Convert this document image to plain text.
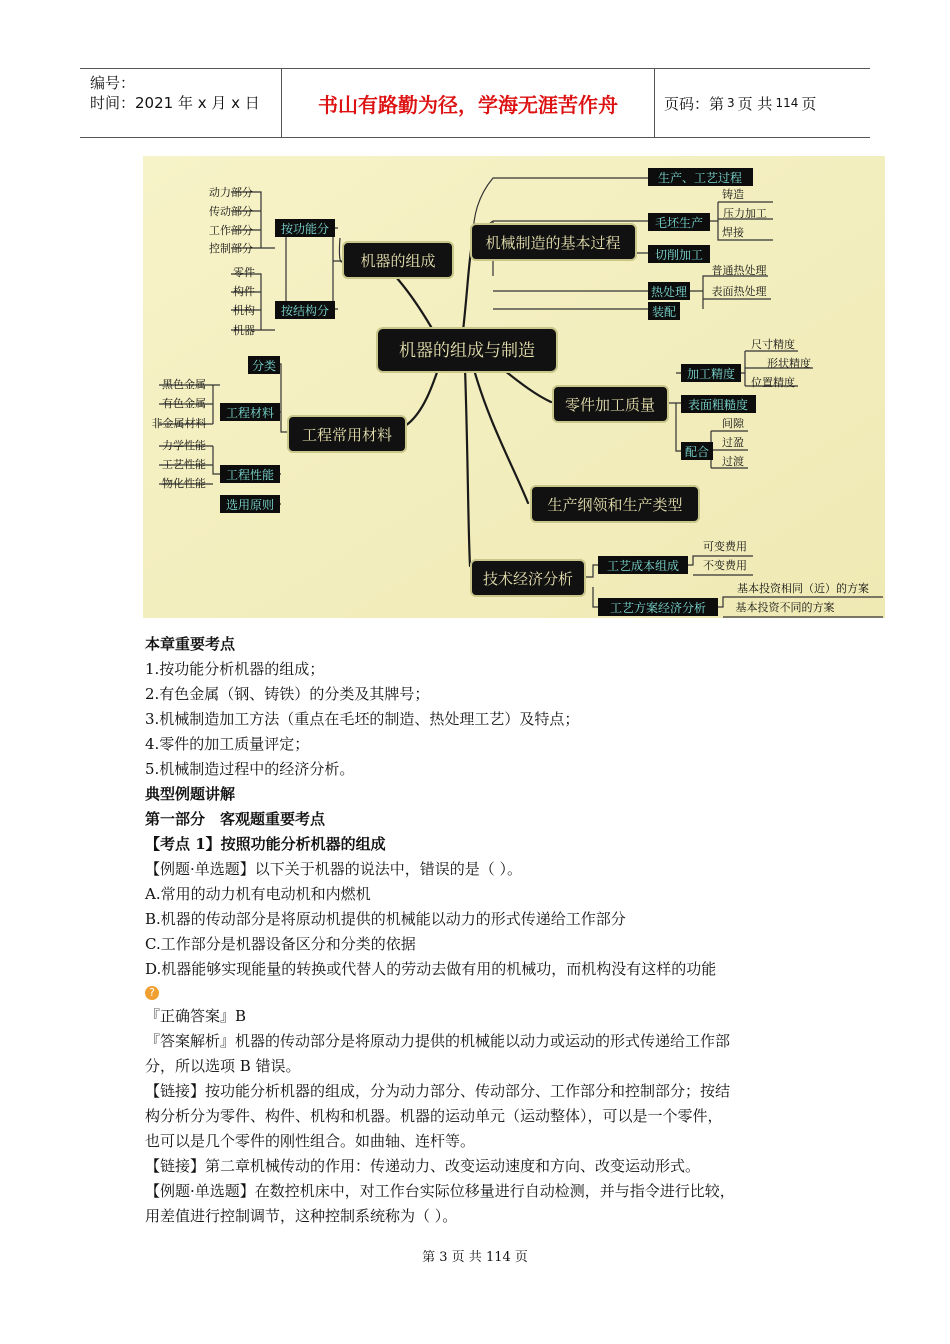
编号：
时间：2021 年 x 月 x 日	书山有路勤为径，学海无涯苦作舟	页码：第 3 页 共 114 页
机器的组成与制造
机器的组成
机械制造的基本过程
工程常用材料
零件加工质量
生产纲领和生产类型
技术经济分析
按功能分
按结构分
分类
工程材料
工程性能
选用原则
生产、工艺过程
毛坯生产
切削加工
热处理
装配
加工精度
表面粗糙度
配合
工艺成本组成
工艺方案经济分析
动力部分
传动部分
工作部分
控制部分
零件
构件
机构
机器
黑色金属
有色金属
非金属材料
力学性能
工艺性能
物化性能
铸造
压力加工
焊接
普通热处理
表面热处理
尺寸精度
形状精度
位置精度
间隙
过盈
过渡
可变费用
不变费用
基本投资相同（近）的方案
基本投资不同的方案

本章重要考点

1.按功能分析机器的组成；

2.有色金属（钢、铸铁）的分类及其牌号；

3.机械制造加工方法（重点在毛坯的制造、热处理工艺）及特点；

4.零件的加工质量评定；

5.机械制造过程中的经济分析。

典型例题讲解

第一部分　客观题重要考点

【考点 1】按照功能分析机器的组成

【例题·单选题】以下关于机器的说法中，错误的是（ ）。

A.常用的动力机有电动机和内燃机

B.机器的传动部分是将原动机提供的机械能以动力的形式传递给工作部分

C.工作部分是机器设备区分和分类的依据

D.机器能够实现能量的转换或代替人的劳动去做有用的机械功，而机构没有这样的功能

?

『正确答案』B

『答案解析』机器的传动部分是将原动力提供的机械能以动力或运动的形式传递给工作部

分，所以选项 B 错误。

【链接】按功能分析机器的组成，分为动力部分、传动部分、工作部分和控制部分；按结

构分析分为零件、构件、机构和机器。机器的运动单元（运动整体），可以是一个零件，

也可以是几个零件的刚性组合。如曲轴、连杆等。

【链接】第二章机械传动的作用：传递动力、改变运动速度和方向、改变运动形式。

【例题·单选题】在数控机床中，对工作台实际位移量进行自动检测，并与指令进行比较，

用差值进行控制调节，这种控制系统称为（ ）。

第 3 页 共 114 页
